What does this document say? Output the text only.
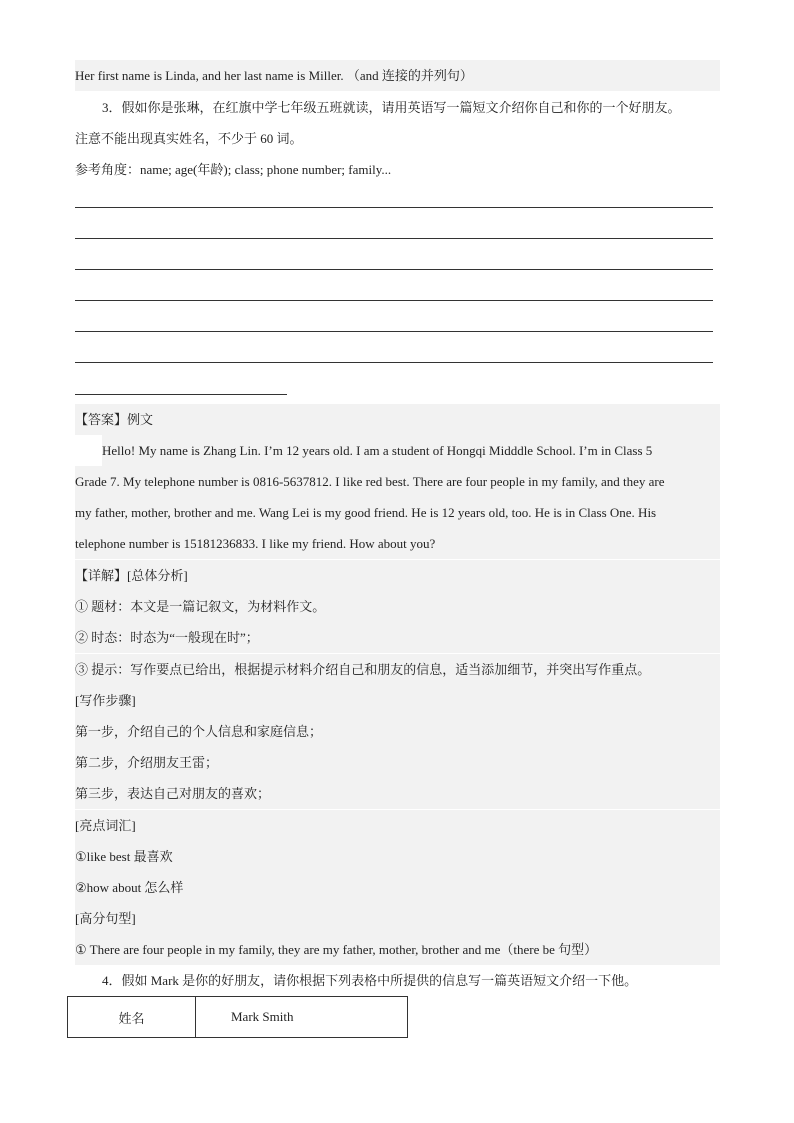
Her first name is Linda, and her last name is Miller. （and 连接的并列句）
3．假如你是张琳，在红旗中学七年级五班就读，请用英语写一篇短文介绍你自己和你的一个好朋友。
注意不能出现真实姓名，不少于 60 词。
参考角度：name; age(年龄); class; phone number; family...
【答案】例文
Hello! My name is Zhang Lin. I’m 12 years old. I am a student of Hongqi Midddle School. I’m in Class 5
Grade 7. My telephone number is 0816-5637812. I like red best. There are four people in my family, and they are
my father, mother, brother and me. Wang Lei is my good friend. He is 12 years old, too. He is in Class One. His
telephone number is 15181236833. I like my friend. How about you?
【详解】[总体分析]
① 题材：本文是一篇记叙文，为材料作文。
② 时态：时态为“一般现在时”；
③ 提示：写作要点已给出，根据提示材料介绍自己和朋友的信息，适当添加细节，并突出写作重点。
[写作步骤]
第一步，介绍自己的个人信息和家庭信息；
第二步，介绍朋友王雷；
第三步，表达自己对朋友的喜欢；
[亮点词汇]
①like best 最喜欢
②how about 怎么样
[高分句型]
① There are four people in my family, they are my father, mother, brother and me（there be 句型）
4．假如 Mark 是你的好朋友，请你根据下列表格中所提供的信息写一篇英语短文介绍一下他。
姓名	Mark Smith
